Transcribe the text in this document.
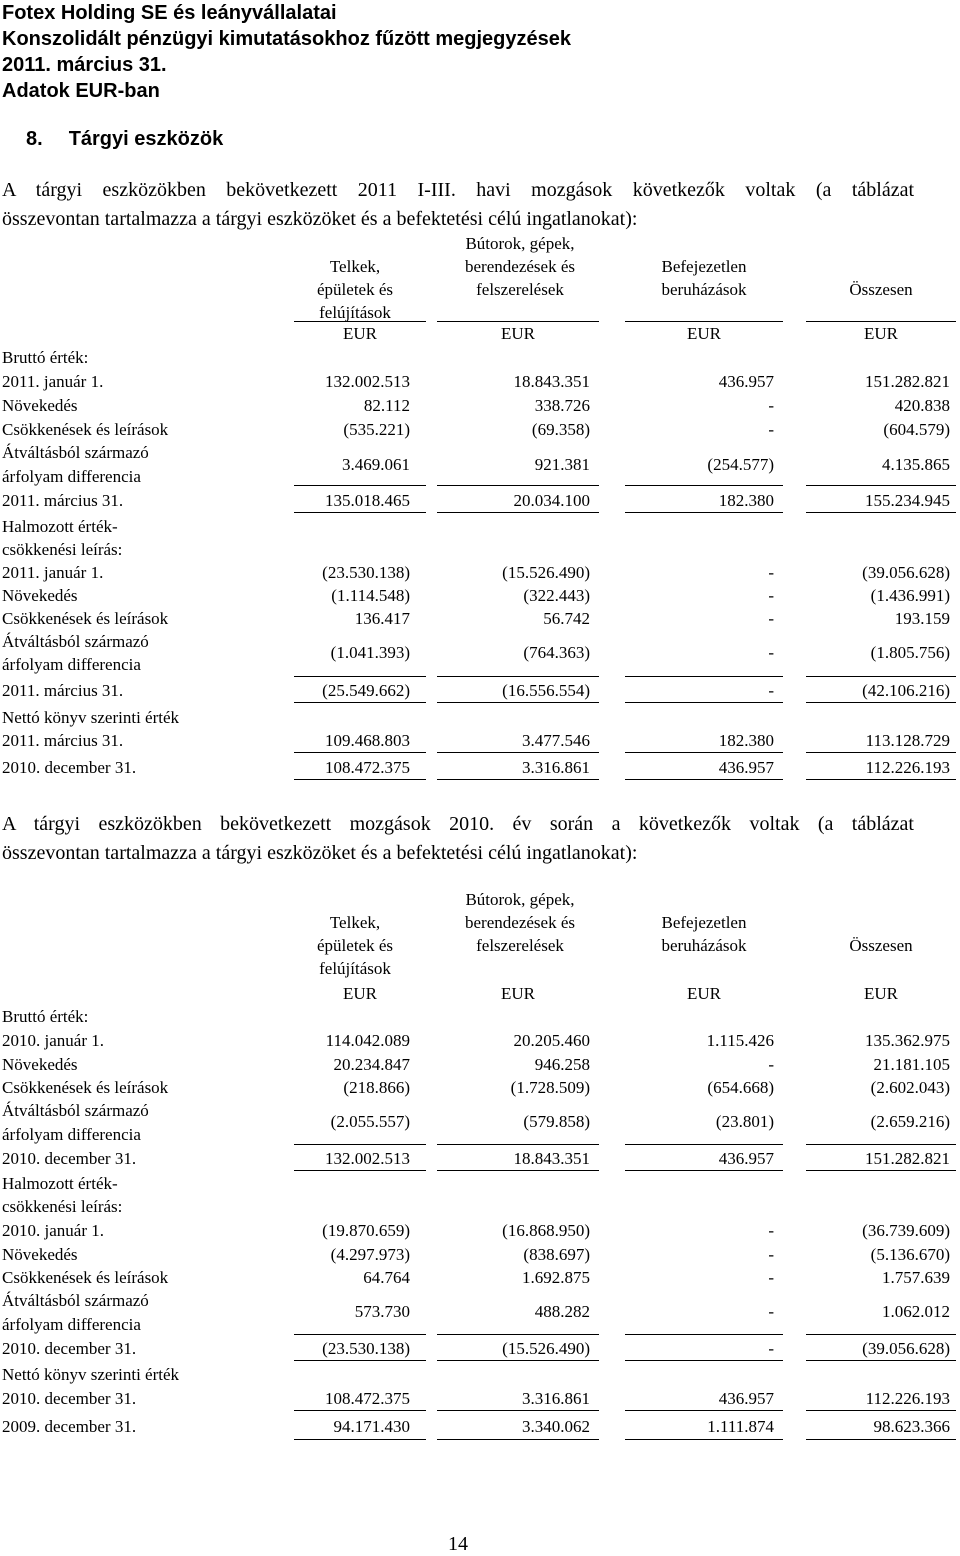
Fotex Holding SE és leányvállalatai
Konszolidált pénzügyi kimutatásokhoz fűzött megjegyzések
2011. március 31.
Adatok EUR-ban
8. Tárgyi eszközök
A tárgyi eszközökben bekövetkezett 2011 I-III. havi mozgások következők voltak (a táblázat
összevontan tartalmazza a tárgyi eszközöket és a befektetési célú ingatlanokat):
Telkek,
épületek és
felújítások
Bútorok, gépek,
berendezések és
felszerelések
Befejezetlen
beruházások	Összesen
EUR	EUR	EUR	EUR
Bruttó érték:
2011. január 1.	132.002.513	18.843.351	436.957	151.282.821
Növekedés	82.112	338.726	-	420.838
Csökkenések és leírások	(535.221)	(69.358)	-	(604.579)
Átváltásból származó
árfolyam differencia
3.469.061	921.381	(254.577)	4.135.865
2011. március 31.	135.018.465	20.034.100	182.380	155.234.945
Halmozott érték-
csökkenési leírás:
2011. január 1.	(23.530.138)	(15.526.490)	-	(39.056.628)
Növekedés	(1.114.548)	(322.443)	-	(1.436.991)
Csökkenések és leírások	136.417	56.742	-	193.159
Átváltásból származó
árfolyam differencia
(1.041.393)	(764.363)	-	(1.805.756)
2011. március 31.	(25.549.662)	(16.556.554)	-	(42.106.216)
Nettó könyv szerinti érték
2011. március 31.	109.468.803	3.477.546	182.380	113.128.729
2010. december 31.	108.472.375	3.316.861	436.957	112.226.193
A tárgyi eszközökben bekövetkezett mozgások 2010. év során a következők voltak (a táblázat
összevontan tartalmazza a tárgyi eszközöket és a befektetési célú ingatlanokat):
Telkek,
épületek és
felújítások
Bútorok, gépek,
berendezések és
felszerelések
Befejezetlen
beruházások	Összesen
EUR	EUR	EUR	EUR
Bruttó érték:
2010. január 1.	114.042.089	20.205.460	1.115.426	135.362.975
Növekedés	20.234.847	946.258	-	21.181.105
Csökkenések és leírások	(218.866)	(1.728.509)	(654.668)	(2.602.043)
Átváltásból származó
árfolyam differencia
(2.055.557)	(579.858)	(23.801)	(2.659.216)
2010. december 31.	132.002.513	18.843.351	436.957	151.282.821
Halmozott érték-
csökkenési leírás:
2010. január 1.	(19.870.659)	(16.868.950)	-	(36.739.609)
Növekedés	(4.297.973)	(838.697)	-	(5.136.670)
Csökkenések és leírások	64.764	1.692.875	-	1.757.639
Átváltásból származó
árfolyam differencia
573.730	488.282	-	1.062.012
2010. december 31.	(23.530.138)	(15.526.490)	-	(39.056.628)
Nettó könyv szerinti érték
2010. december 31.	108.472.375	3.316.861	436.957	112.226.193
2009. december 31.	94.171.430	3.340.062	1.111.874	98.623.366
14
